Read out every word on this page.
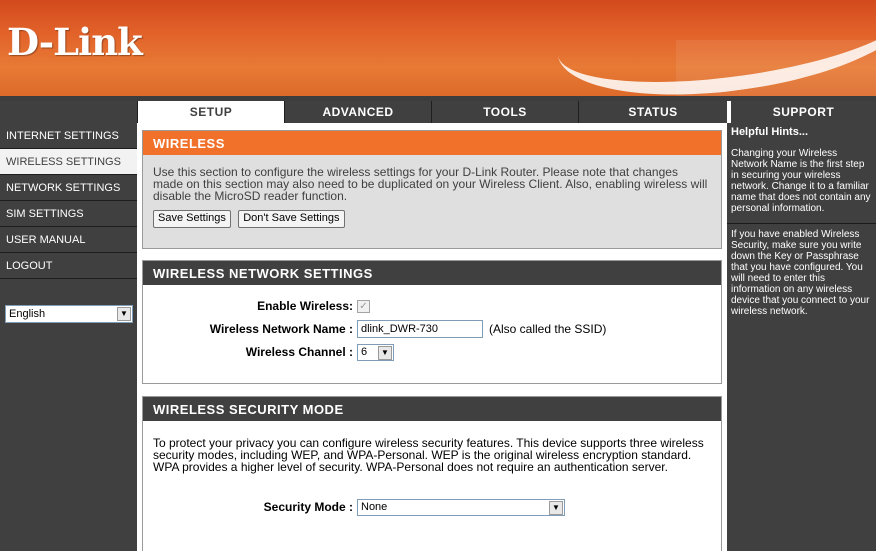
D-Link
SETUP	ADVANCED	TOOLS	STATUS	SUPPORT
INTERNET SETTINGS
WIRELESS SETTINGS
NETWORK SETTINGS
SIM SETTINGS
USER MANUAL
LOGOUT
English	▼
WIRELESS
Use this section to configure the wireless settings for your D-Link Router. Please note that changes made on this section may also need to be duplicated on your Wireless Client. Also, enabling wireless will disable the MicroSD reader function.
Save Settings Don't Save Settings
WIRELESS NETWORK SETTINGS
Enable Wireless: ✓
Wireless Network Name :
dlink_DWR-730	(Also called the SSID)
Wireless Channel : 6	▼
WIRELESS SECURITY MODE
To protect your privacy you can configure wireless security features. This device supports three wireless security modes, including WEP, and WPA-Personal. WEP is the original wireless encryption standard. WPA provides a higher level of security. WPA-Personal does not require an authentication server.
Security Mode : None	▼
Helpful Hints...

Changing your Wireless Network Name is the first step in securing your wireless network. Change it to a familiar name that does not contain any personal information.

If you have enabled Wireless Security, make sure you write down the Key or Passphrase that you have configured. You will need to enter this information on any wireless device that you connect to your wireless network.
